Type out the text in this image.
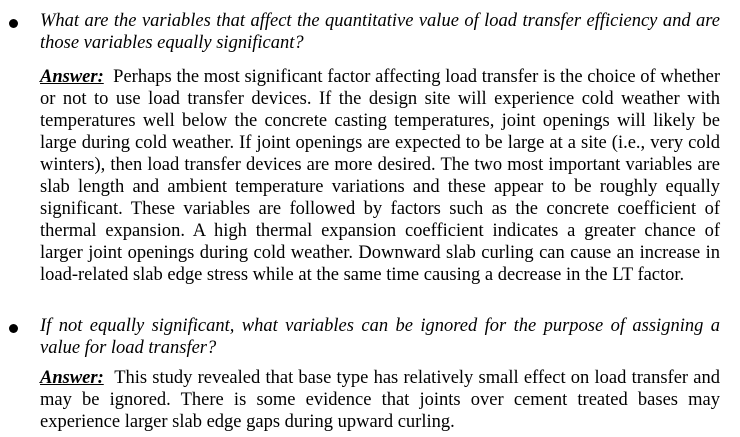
What are the variables that affect the quantitative value of load transfer efficiency and are those variables equally significant?

Answer: Perhaps the most significant factor affecting load transfer is the choice of whether or not to use load transfer devices. If the design site will experience cold weather with temperatures well below the concrete casting temperatures, joint openings will likely be large during cold weather. If joint openings are expected to be large at a site (i.e., very cold winters), then load transfer devices are more desired. The two most important variables are slab length and ambient temperature variations and these appear to be roughly equally significant. These variables are followed by factors such as the concrete coefficient of thermal expansion. A high thermal expansion coefficient indicates a greater chance of larger joint openings during cold weather. Downward slab curling can cause an increase in load-related slab edge stress while at the same time causing a decrease in the LT factor.

If not equally significant, what variables can be ignored for the purpose of assigning a value for load transfer?

Answer: This study revealed that base type has relatively small effect on load transfer and may be ignored. There is some evidence that joints over cement treated bases may experience larger slab edge gaps during upward curling.
